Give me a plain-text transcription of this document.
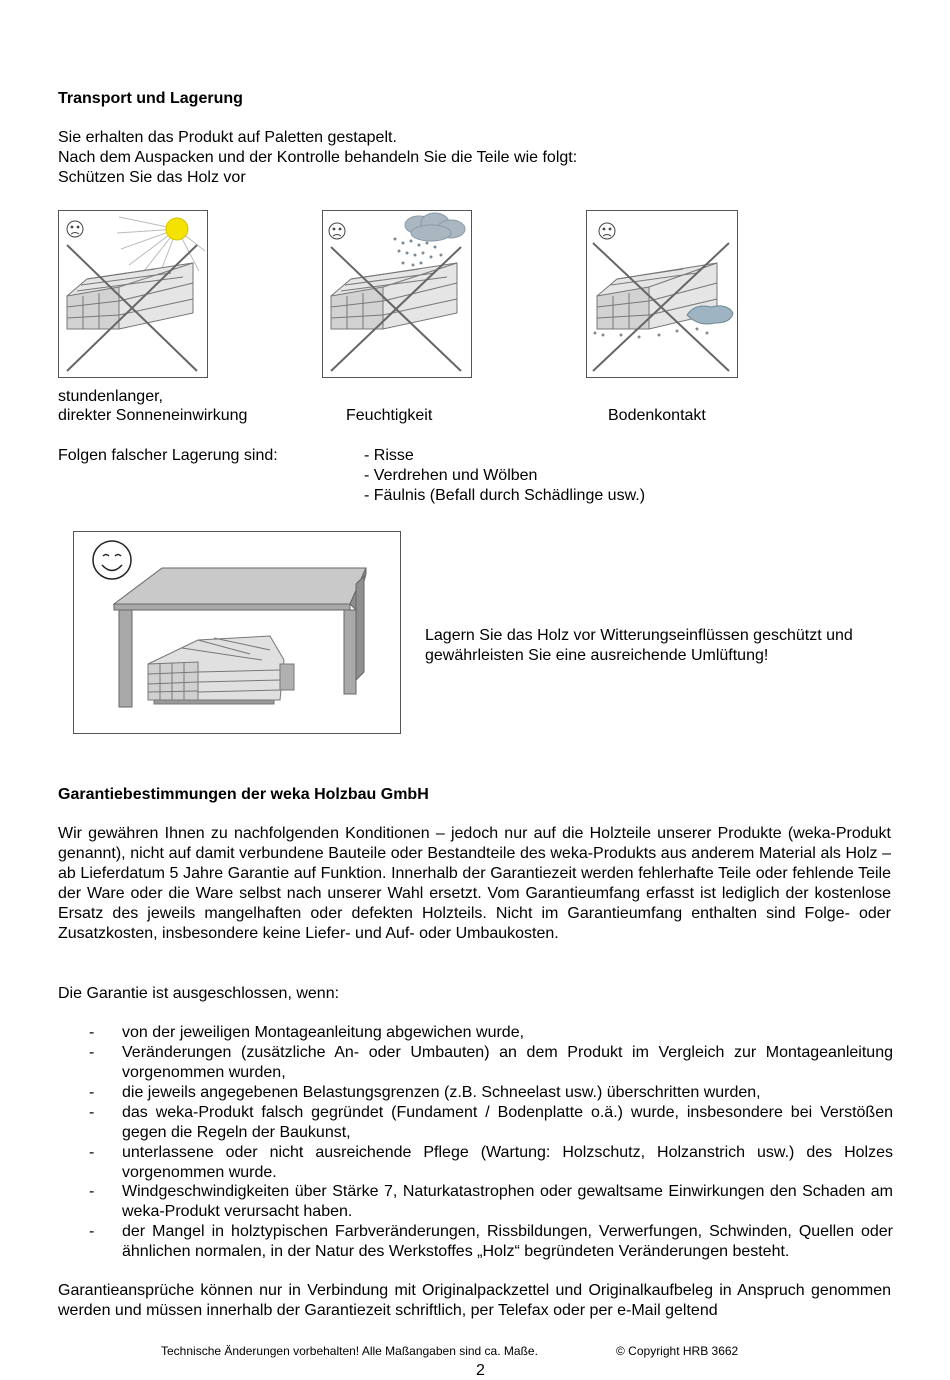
Transport und Lagerung
Sie erhalten das Produkt auf Paletten gestapelt.
Nach dem Auspacken und der Kontrolle behandeln Sie die Teile wie folgt:
Schützen Sie das Holz vor
stundenlanger,
direkter Sonneneinwirkung	Feuchtigkeit	Bodenkontakt
Folgen falscher Lagerung sind:	- Risse
- Verdrehen und Wölben
- Fäulnis (Befall durch Schädlinge usw.)
Lagern Sie das Holz vor Witterungseinflüssen geschützt und
gewährleisten Sie eine ausreichende Umlüftung!
Garantiebestimmungen der weka Holzbau GmbH
Wir gewähren Ihnen zu nachfolgenden Konditionen – jedoch nur auf die Holzteile unserer Produkte (weka-Produkt genannt), nicht auf damit verbundene Bauteile oder Bestandteile des weka-Produkts aus anderem Material als Holz – ab Lieferdatum 5 Jahre Garantie auf Funktion. Innerhalb der Garantiezeit werden fehlerhafte Teile oder fehlende Teile der Ware oder die Ware selbst nach unserer Wahl ersetzt. Vom Garantieumfang erfasst ist lediglich der kostenlose Ersatz des jeweils mangelhaften oder defekten Holzteils. Nicht im Garantieumfang enthalten sind Folge- oder Zusatzkosten, insbesondere keine Liefer- und Auf- oder Umbaukosten.
Die Garantie ist ausgeschlossen, wenn:
- von der jeweiligen Montageanleitung abgewichen wurde,
- Veränderungen (zusätzliche An- oder Umbauten) an dem Produkt im Vergleich zur Montageanleitung vorgenommen wurden,
- die jeweils angegebenen Belastungsgrenzen (z.B. Schneelast usw.) überschritten wurden,
- das weka-Produkt falsch gegründet (Fundament / Bodenplatte o.ä.) wurde, insbesondere bei Verstößen gegen die Regeln der Baukunst,
- unterlassene oder nicht ausreichende Pflege (Wartung: Holzschutz, Holzanstrich usw.) des Holzes vorgenommen wurde.
- Windgeschwindigkeiten über Stärke 7, Naturkatastrophen oder gewaltsame Einwirkungen den Schaden am weka-Produkt verursacht haben.
- der Mangel in holztypischen Farbveränderungen, Rissbildungen, Verwerfungen, Schwinden, Quellen oder ähnlichen normalen, in der Natur des Werkstoffes „Holz“ begründeten Veränderungen besteht.
Garantieansprüche können nur in Verbindung mit Originalpackzettel und Originalkaufbeleg in Anspruch genommen werden und müssen innerhalb der Garantiezeit schriftlich, per Telefax oder per e-Mail geltend
Technische Änderungen vorbehalten! Alle Maßangaben sind ca. Maße.	© Copyright HRB 3662
2
